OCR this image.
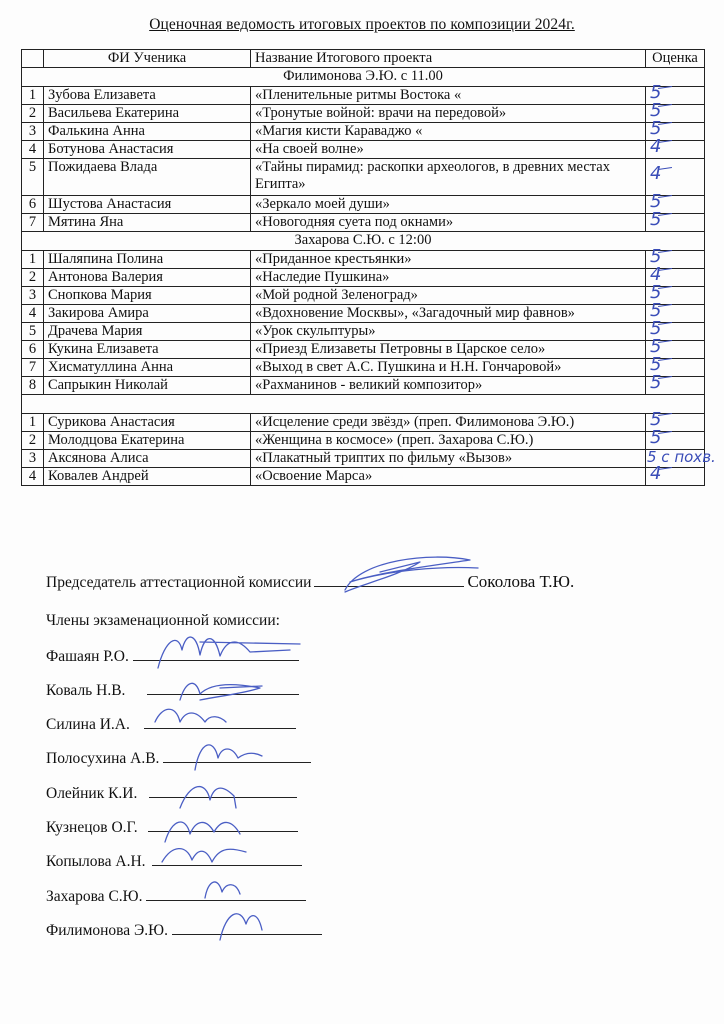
Оценочная ведомость итоговых проектов по композиции 2024г.
	ФИ Ученика	Название Итогового проекта	Оценка
Филимонова Э.Ю. с 11.00			
1	Зубова Елизавета	«Пленительные ритмы Востока «	5

2	Васильева Екатерина	«Тронутые войной: врачи на передовой»	5

3	Фалькина Анна	«Магия кисти Караваджо «	5

4	Ботунова Анастасия	«На своей волне»	4

5	Пожидаева Влада	«Тайны пирамид: раскопки археологов, в древних местах Египта»	4

6	Шустова Анастасия	«Зеркало моей души»	5

7	Мятина Яна	«Новогодняя суета под окнами»	5

Захарова С.Ю. с 12:00			
1	Шаляпина Полина	«Приданное крестьянки»	5

2	Антонова Валерия	«Наследие Пушкина»	4

3	Снопкова Мария	«Мой родной Зеленоград»	5

4	Закирова Амира	«Вдохновение Москвы», «Загадочный мир фавнов»	5

5	Драчева Мария	«Урок скульптуры»	5

6	Кукина Елизавета	«Приезд Елизаветы Петровны в Царское село»	5

7	Хисматуллина Анна	«Выход в свет А.С. Пушкина и Н.Н. Гончаровой»	5

8	Сапрыкин Николай	«Рахманинов - великий композитор»	5

1	Сурикова Анастасия	«Исцеление среди звёзд» (преп. Филимонова Э.Ю.)	5

2	Молодцова Екатерина	«Женщина в космосе» (преп. Захарова С.Ю.)	5

3	Аксянова Алиса	«Плакатный триптих по фильму «Вызов»	5 с похв.

4	Ковалев Андрей	«Освоение Марса»	4
Председатель аттестационной комиссии	Соколова Т.Ю.
Члены экзаменационной комиссии:
Фашаян Р.О.
Коваль Н.В.
Силина И.А.
Полосухина А.В.
Олейник К.И.
Кузнецов О.Г.
Копылова А.Н.
Захарова С.Ю.
Филимонова Э.Ю.
